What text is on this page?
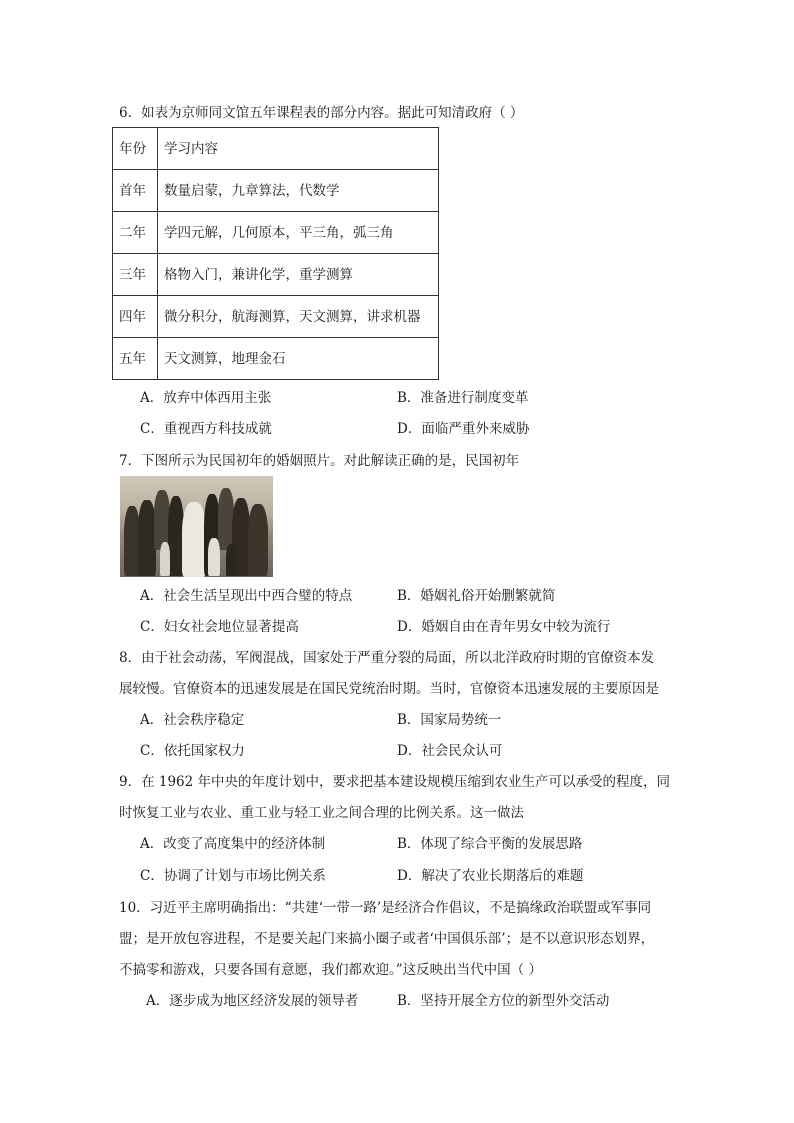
6．如表为京师同文馆五年课程表的部分内容。据此可知清政府（ ）
年份	学习内容
首年	数量启蒙，九章算法，代数学
二年	学四元解，几何原本，平三角，弧三角
三年	格物入门，兼讲化学，重学测算
四年	微分积分，航海测算，天文测算，讲求机器
五年	天文测算，地理金石
A．放弃中体西用主张	B．准备进行制度变革
C．重视西方科技成就	D．面临严重外来威胁
7．下图所示为民国初年的婚姻照片。对此解读正确的是，民国初年
A．社会生活呈现出中西合璧的特点	B．婚姻礼俗开始删繁就简
C．妇女社会地位显著提高	D．婚姻自由在青年男女中较为流行
8．由于社会动荡，军阀混战，国家处于严重分裂的局面，所以北洋政府时期的官僚资本发
展较慢。官僚资本的迅速发展是在国民党统治时期。当时，官僚资本迅速发展的主要原因是
A．社会秩序稳定	B．国家局势统一
C．依托国家权力	D．社会民众认可
9．在 1962 年中央的年度计划中，要求把基本建设规模压缩到农业生产可以承受的程度，同
时恢复工业与农业、重工业与轻工业之间合理的比例关系。这一做法
A．改变了高度集中的经济体制	B．体现了综合平衡的发展思路
C．协调了计划与市场比例关系	D．解决了农业长期落后的难题
10．习近平主席明确指出：“共建‘一带一路’是经济合作倡议，不是搞缘政治联盟或军事同
盟；是开放包容进程，不是要关起门来搞小圈子或者‘中国俱乐部’；是不以意识形态划界，
不搞零和游戏，只要各国有意愿，我们都欢迎。”这反映出当代中国（ ）
A．逐步成为地区经济发展的领导者	B．坚持开展全方位的新型外交活动
